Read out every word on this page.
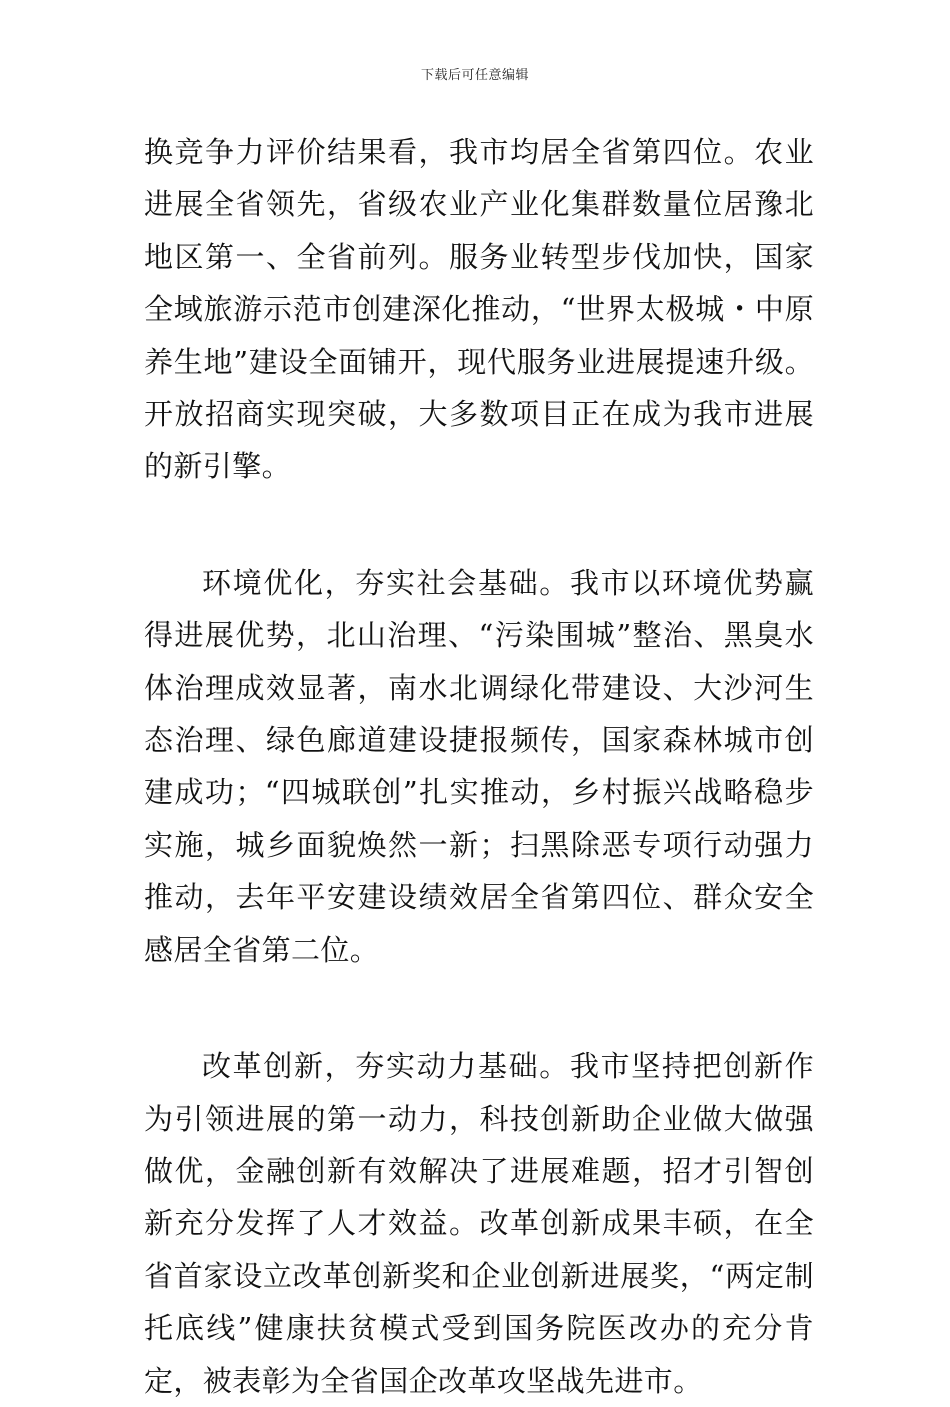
下载后可任意编辑

换竞争力评价结果看，我市均居全省第四位。农业进展全省领先，省级农业产业化集群数量位居豫北地区第一、全省前列。服务业转型步伐加快，国家全域旅游示范市创建深化推动，“世界太极城・中原养生地”建设全面铺开，现代服务业进展提速升级。开放招商实现突破，大多数项目正在成为我市进展的新引擎。

环境优化，夯实社会基础。我市以环境优势赢得进展优势，北山治理、“污染围城”整治、黑臭水体治理成效显著，南水北调绿化带建设、大沙河生态治理、绿色廊道建设捷报频传，国家森林城市创建成功；“四城联创”扎实推动，乡村振兴战略稳步实施，城乡面貌焕然一新；扫黑除恶专项行动强力推动，去年平安建设绩效居全省第四位、群众安全感居全省第二位。

改革创新，夯实动力基础。我市坚持把创新作为引领进展的第一动力，科技创新助企业做大做强做优，金融创新有效解决了进展难题，招才引智创新充分发挥了人才效益。改革创新成果丰硕，在全省首家设立改革创新奖和企业创新进展奖，“两定制托底线”健康扶贫模式受到国务院医改办的充分肯定，被表彰为全省国企改革攻坚战先进市。
